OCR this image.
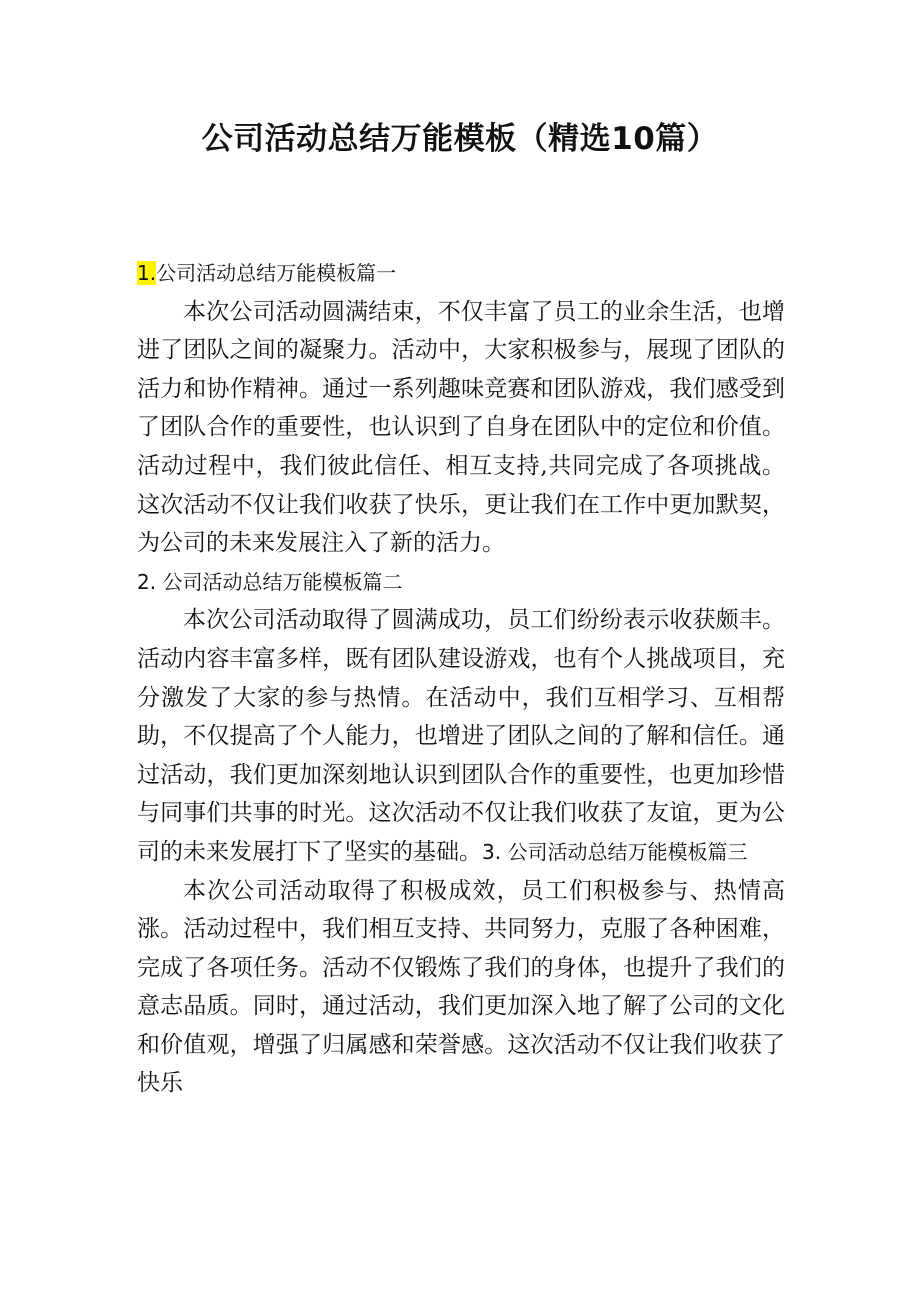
公司活动总结万能模板（精选10篇）

1.公司活动总结万能模板篇一

本次公司活动圆满结束，不仅丰富了员工的业余生活，也增进了团队之间的凝聚力。活动中，大家积极参与，展现了团队的活力和协作精神。通过一系列趣味竞赛和团队游戏，我们感受到了团队合作的重要性，也认识到了自身在团队中的定位和价值。活动过程中，我们彼此信任、相互支持,共同完成了各项挑战。这次活动不仅让我们收获了快乐，更让我们在工作中更加默契，为公司的未来发展注入了新的活力。

2. 公司活动总结万能模板篇二

本次公司活动取得了圆满成功，员工们纷纷表示收获颇丰。活动内容丰富多样，既有团队建设游戏，也有个人挑战项目，充分激发了大家的参与热情。在活动中，我们互相学习、互相帮助，不仅提高了个人能力，也增进了团队之间的了解和信任。通过活动，我们更加深刻地认识到团队合作的重要性，也更加珍惜与同事们共事的时光。这次活动不仅让我们收获了友谊，更为公司的未来发展打下了坚实的基础。3. 公司活动总结万能模板篇三

本次公司活动取得了积极成效，员工们积极参与、热情高涨。活动过程中，我们相互支持、共同努力，克服了各种困难，完成了各项任务。活动不仅锻炼了我们的身体，也提升了我们的意志品质。同时，通过活动，我们更加深入地了解了公司的文化和价值观，增强了归属感和荣誉感。这次活动不仅让我们收获了快乐
